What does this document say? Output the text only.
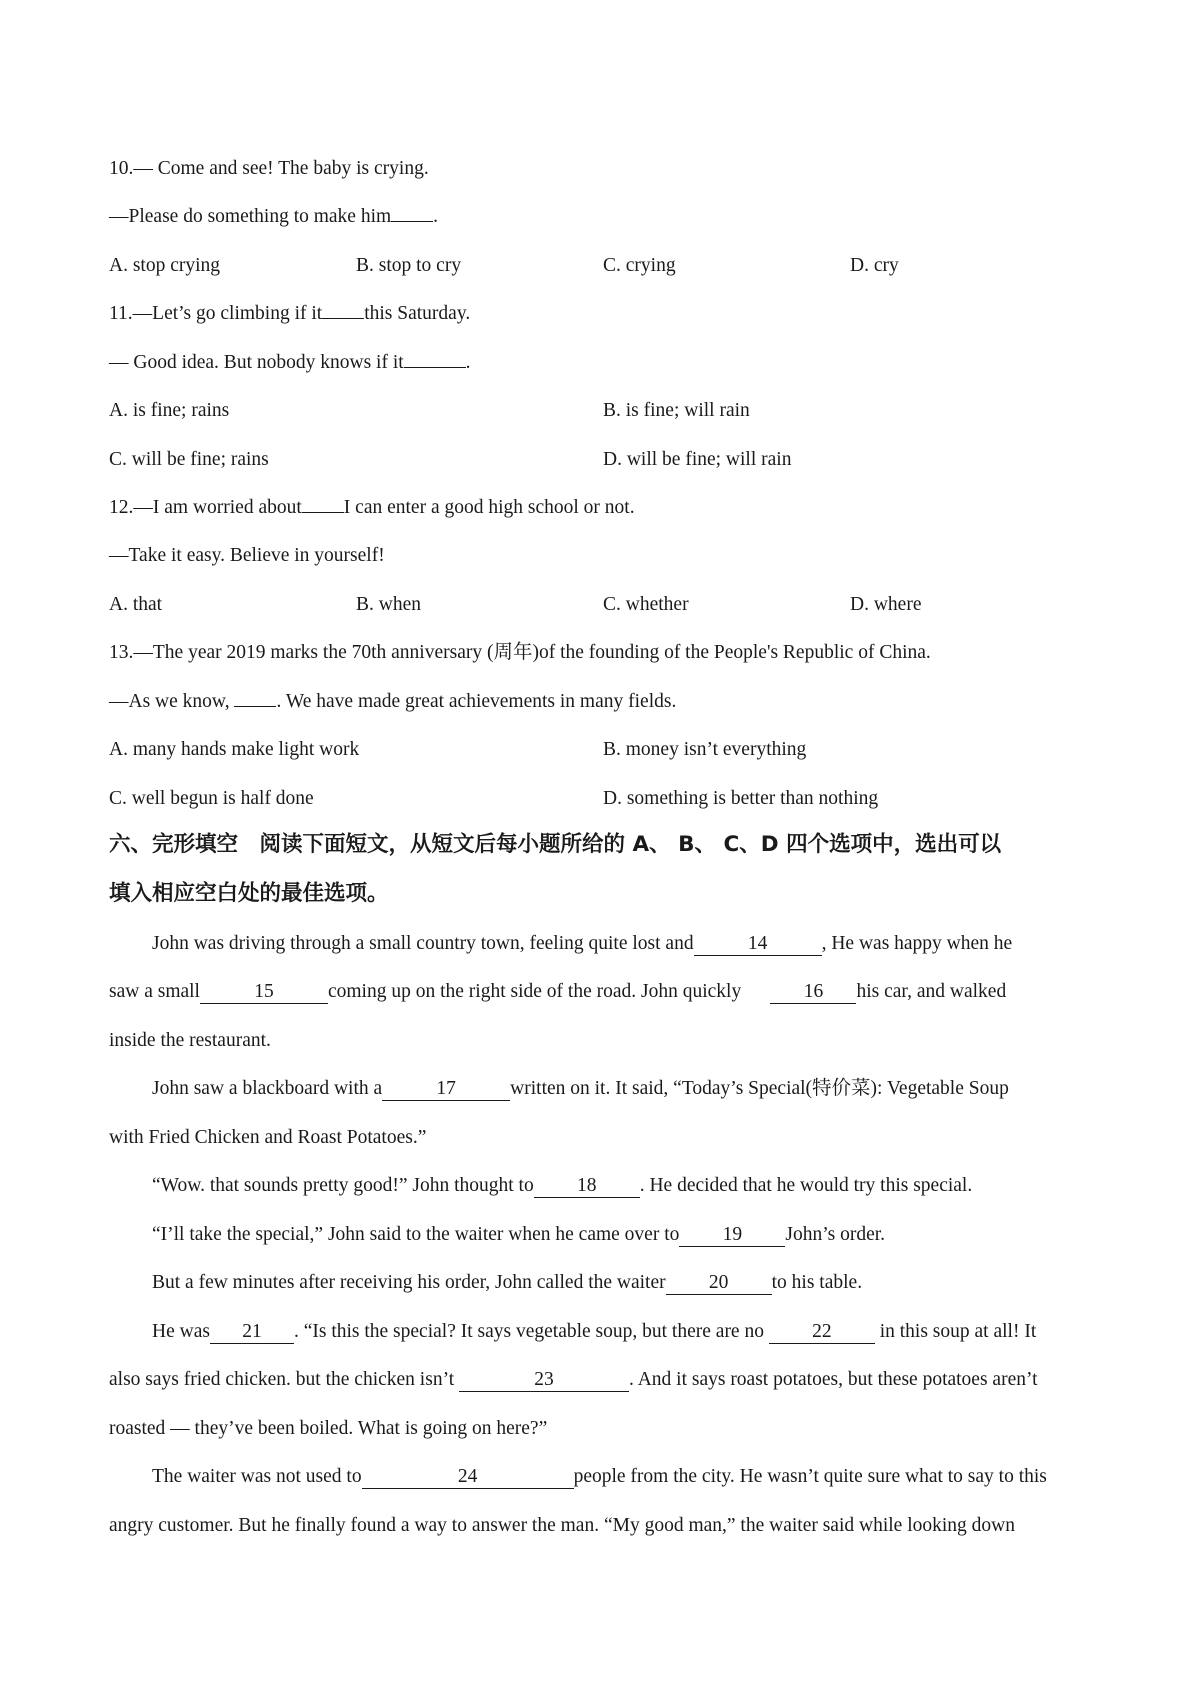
10.— Come and see! The baby is crying.
—Please do something to make him .
A. stop crying	B. stop to cry	C. crying	D. cry
11.—Let’s go climbing if it this Saturday.
— Good idea. But nobody knows if it	.
A. is fine; rains	B. is fine; will rain
C. will be fine; rains	D. will be fine; will rain
12.—I am worried about I can enter a good high school or not.
—Take it easy. Believe in yourself!
A. that	B. when	C. whether	D. where
13.—The year 2019 marks the 70th anniversary (周年)of the founding of the People's Republic of China.
—As we know, . We have made great achievements in many fields.
A. many hands make light work	B. money isn’t everything
C. well begun is half done	D. something is better than nothing
六、完形填空　阅读下面短文，从短文后每小题所给的 A、 B、 C、D 四个选项中，选出可以
填入相应空白处的最佳选项。
John was driving through a small country town, feeling quite lost and	14	, He was happy when he
saw a small	15	coming up on the right side of the road. John quickly	16 his car, and walked
inside the restaurant.
John saw a blackboard with a	17	written on it. It said, “Today’s Special(特价菜): Vegetable Soup
with Fried Chicken and Roast Potatoes.”
“Wow. that sounds pretty good!” John thought to 18 . He decided that he would try this special.
“I’ll take the special,” John said to the waiter when he came over to 19 John’s order.
But a few minutes after receiving his order, John called the waiter 20 to his table.
He was 21 . “Is this the special? It says vegetable soup, but there are no 22 in this soup at all! It
also says fried chicken. but the chicken isn’t	23	. And it says roast potatoes, but these potatoes aren’t
roasted — they’ve been boiled. What is going on here?”
The waiter was not used to	24	people from the city. He wasn’t quite sure what to say to this
angry customer. But he finally found a way to answer the man. “My good man,” the waiter said while looking down
